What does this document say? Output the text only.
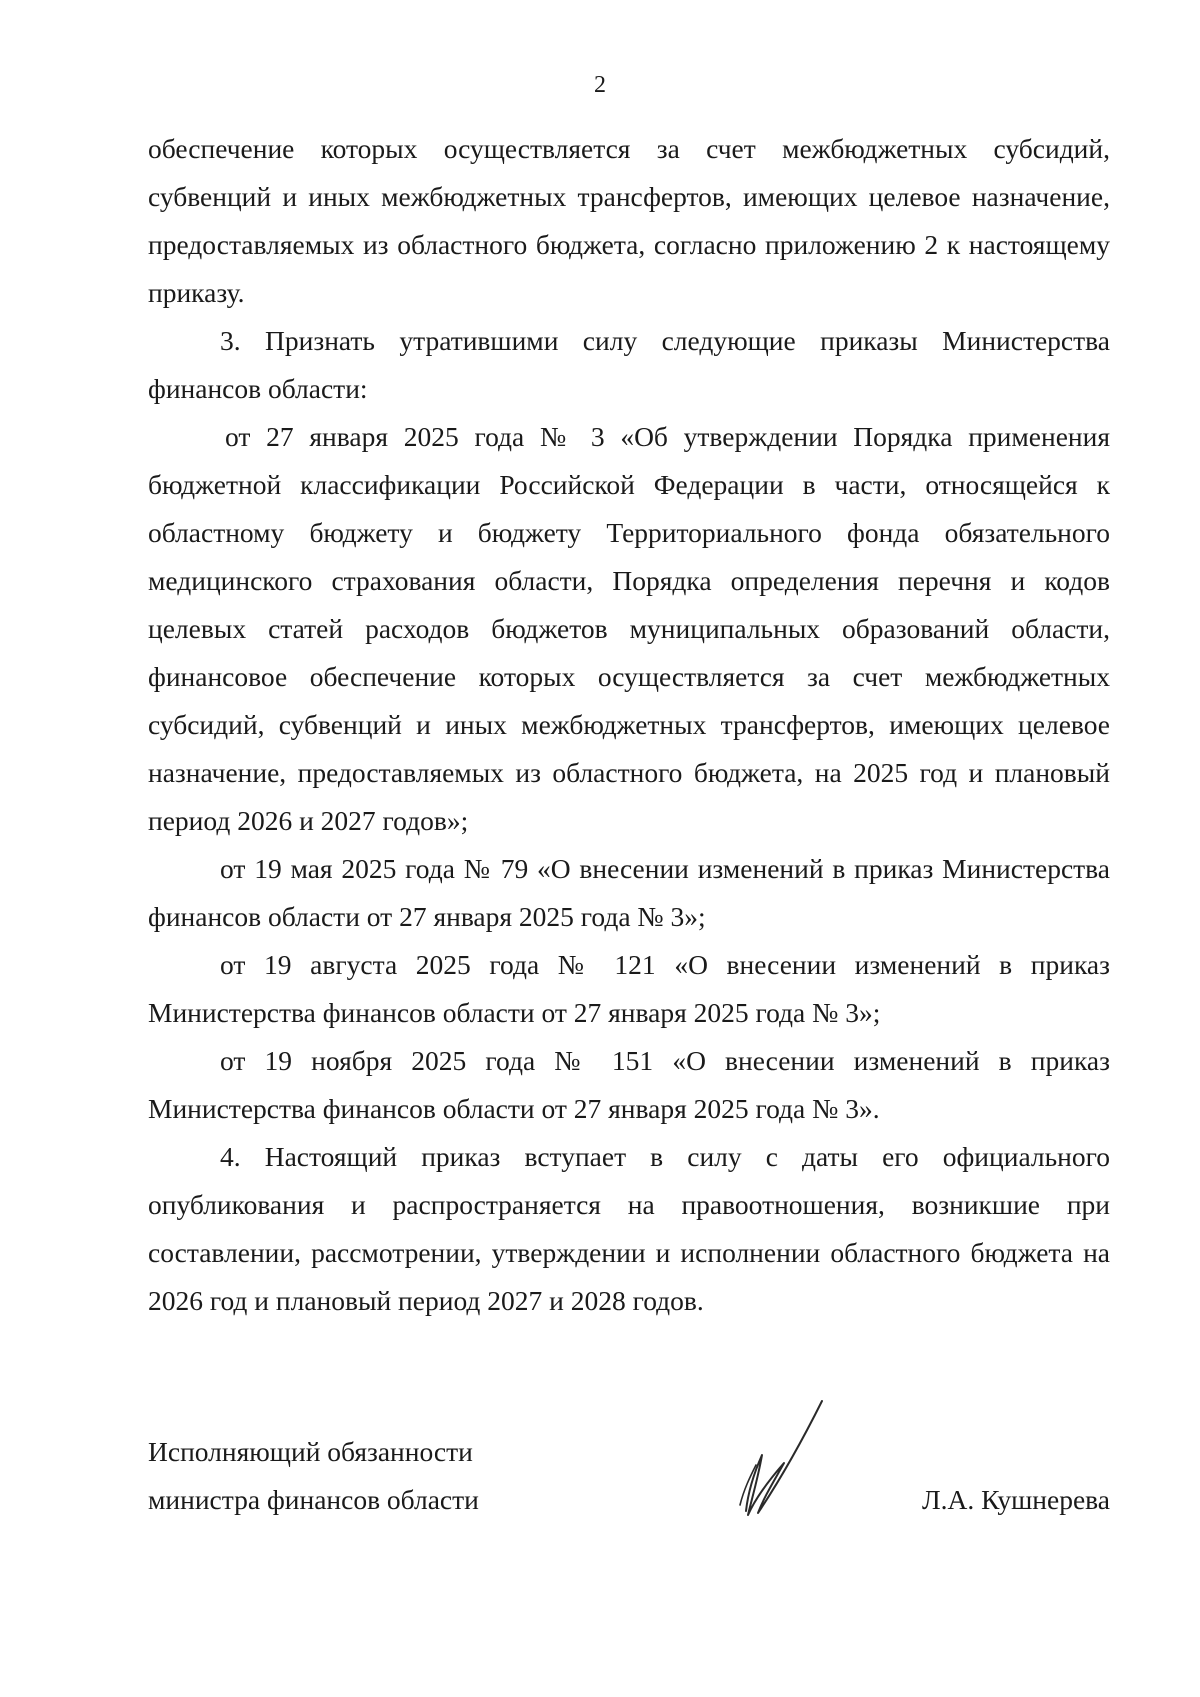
2

обеспечение которых осуществляется за счет межбюджетных субсидий, субвенций и иных межбюджетных трансфертов, имеющих целевое назначение, предоставляемых из областного бюджета, согласно приложению 2 к настоящему приказу.

3. Признать утратившими силу следующие приказы Министерства финансов области:

от 27 января 2025 года № 3 «Об утверждении Порядка применения бюджетной классификации Российской Федерации в части, относящейся к областному бюджету и бюджету Территориального фонда обязательного медицинского страхования области, Порядка определения перечня и кодов целевых статей расходов бюджетов муниципальных образований области, финансовое обеспечение которых осуществляется за счет межбюджетных субсидий, субвенций и иных межбюджетных трансфертов, имеющих целевое назначение, предоставляемых из областного бюджета, на 2025 год и плановый период 2026 и 2027 годов»;

от 19 мая 2025 года № 79 «О внесении изменений в приказ Министерства финансов области от 27 января 2025 года № 3»;

от 19 августа 2025 года № 121 «О внесении изменений в приказ Министерства финансов области от 27 января 2025 года № 3»;

от 19 ноября 2025 года № 151 «О внесении изменений в приказ Министерства финансов области от 27 января 2025 года № 3».

4. Настоящий приказ вступает в силу с даты его официального опубликования и распространяется на правоотношения, возникшие при составлении, рассмотрении, утверждении и исполнении областного бюджета на 2026 год и плановый период 2027 и 2028 годов.

Исполняющий обязанности
министра финансов области	Л.А. Кушнерева
